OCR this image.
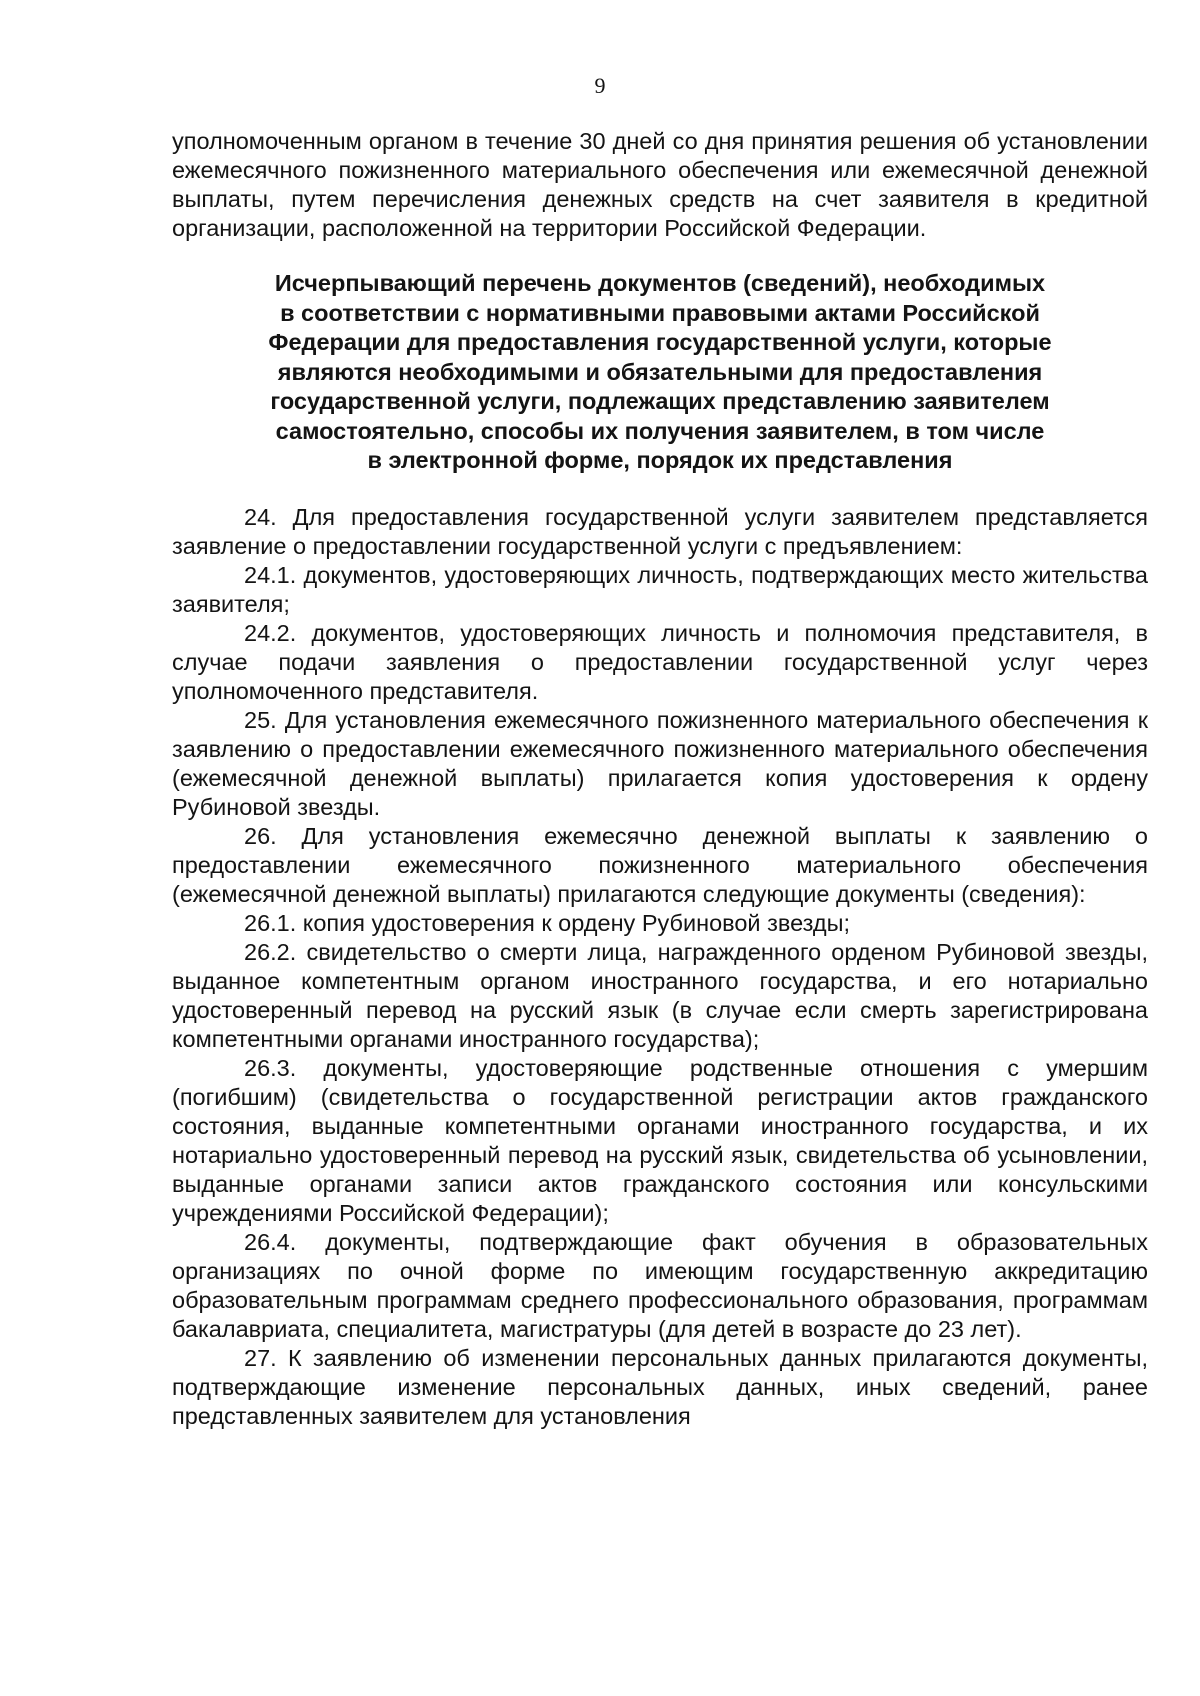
9

уполномоченным органом в течение 30 дней со дня принятия решения об установлении ежемесячного пожизненного материального обеспечения или ежемесячной денежной выплаты, путем перечисления денежных средств на счет заявителя в кредитной организации, расположенной на территории Российской Федерации.

Исчерпывающий перечень документов (сведений), необходимых
в соответствии с нормативными правовыми актами Российской
Федерации для предоставления государственной услуги, которые
являются необходимыми и обязательными для предоставления
государственной услуги, подлежащих представлению заявителем
самостоятельно, способы их получения заявителем, в том числе
в электронной форме, порядок их представления

24. Для предоставления государственной услуги заявителем представляется заявление о предоставлении государственной услуги с предъявлением:

24.1. документов, удостоверяющих личность, подтверждающих место жительства заявителя;

24.2. документов, удостоверяющих личность и полномочия представителя, в случае подачи заявления о предоставлении государственной услуг через уполномоченного представителя.

25. Для установления ежемесячного пожизненного материального обеспечения к заявлению о предоставлении ежемесячного пожизненного материального обеспечения (ежемесячной денежной выплаты) прилагается копия удостоверения к ордену Рубиновой звезды.

26. Для установления ежемесячно денежной выплаты к заявлению о предоставлении ежемесячного пожизненного материального обеспечения (ежемесячной денежной выплаты) прилагаются следующие документы (сведения):

26.1. копия удостоверения к ордену Рубиновой звезды;

26.2. свидетельство о смерти лица, награжденного орденом Рубиновой звезды, выданное компетентным органом иностранного государства, и его нотариально удостоверенный перевод на русский язык (в случае если смерть зарегистрирована компетентными органами иностранного государства);

26.3. документы, удостоверяющие родственные отношения с умершим (погибшим) (свидетельства о государственной регистрации актов гражданского состояния, выданные компетентными органами иностранного государства, и их нотариально удостоверенный перевод на русский язык, свидетельства об усыновлении, выданные органами записи актов гражданского состояния или консульскими учреждениями Российской Федерации);

26.4. документы, подтверждающие факт обучения в образовательных организациях по очной форме по имеющим государственную аккредитацию образовательным программам среднего профессионального образования, программам бакалавриата, специалитета, магистратуры (для детей в возрасте до 23 лет).

27. К заявлению об изменении персональных данных прилагаются документы, подтверждающие изменение персональных данных, иных сведений, ранее представленных заявителем для установления
